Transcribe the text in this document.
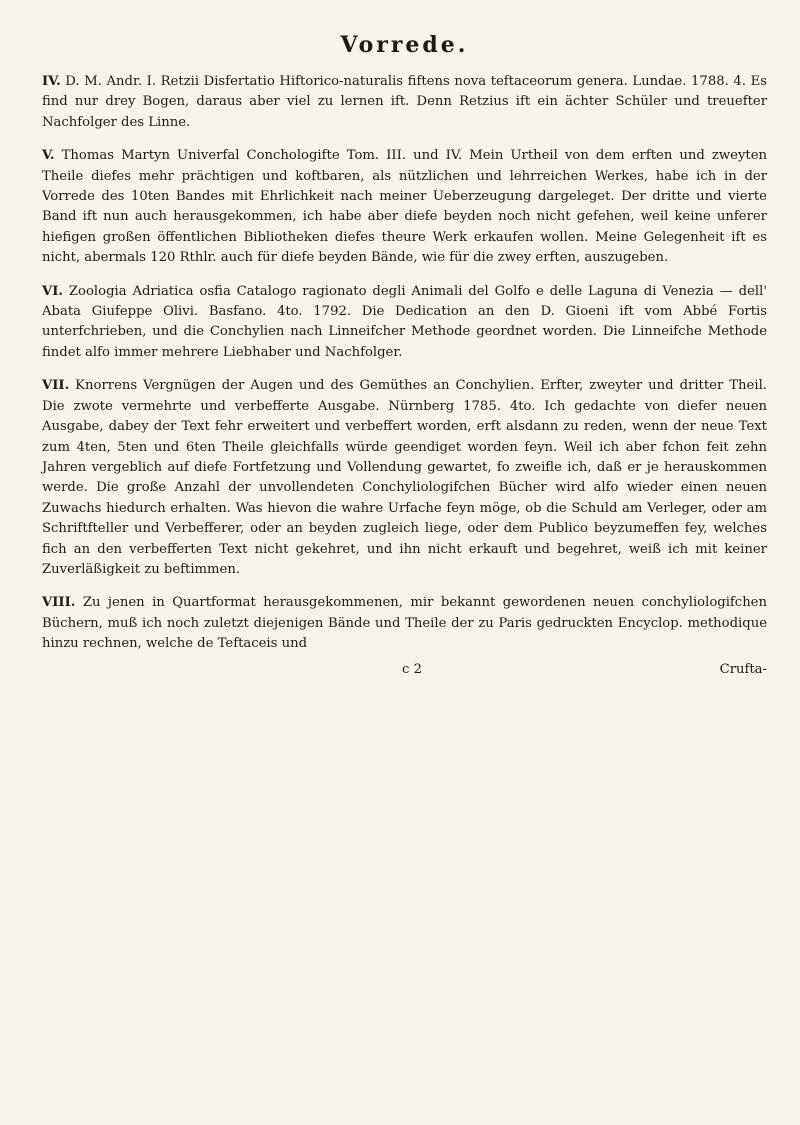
Vorrede.

IV. D. M. Andr. I. Retzii Disfertatio Hiftorico-naturalis fiftens nova teftaceorum genera. Lundae. 1788. 4. Es find nur drey Bogen, daraus aber viel zu lernen ift. Denn Retzius ift ein ächter Schüler und treuefter Nachfolger des Linne.

V. Thomas Martyn Univerfal Conchologifte Tom. III. und IV. Mein Urtheil von dem erften und zweyten Theile diefes mehr prächtigen und koftbaren, als nützlichen und lehrreichen Werkes, habe ich in der Vorrede des 10ten Bandes mit Ehrlichkeit nach meiner Ueberzeugung dargeleget. Der dritte und vierte Band ift nun auch herausgekommen, ich habe aber diefe beyden noch nicht gefehen, weil keine unferer hiefigen großen öffentlichen Bibliotheken diefes theure Werk erkaufen wollen. Meine Gelegenheit ift es nicht, abermals 120 Rthlr. auch für diefe beyden Bände, wie für die zwey erften, auszugeben.

VI. Zoologia Adriatica osfia Catalogo ragionato degli Animali del Golfo e delle Laguna di Venezia — dell' Abata Giufeppe Olivi. Basfano. 4to. 1792. Die Dedication an den D. Gioeni ift vom Abbé Fortis unterfchrieben, und die Conchylien nach Linneifcher Methode geordnet worden. Die Linneifche Methode findet alfo immer mehrere Liebhaber und Nachfolger.

VII. Knorrens Vergnügen der Augen und des Gemüthes an Conchylien. Erfter, zweyter und dritter Theil. Die zwote vermehrte und verbefferte Ausgabe. Nürnberg 1785. 4to. Ich gedachte von diefer neuen Ausgabe, dabey der Text fehr erweitert und verbeffert worden, erft alsdann zu reden, wenn der neue Text zum 4ten, 5ten und 6ten Theile gleichfalls würde geendiget worden feyn. Weil ich aber fchon feit zehn Jahren vergeblich auf diefe Fortfetzung und Vollendung gewartet, fo zweifle ich, daß er je herauskommen werde. Die große Anzahl der unvollendeten Conchyliologifchen Bücher wird alfo wieder einen neuen Zuwachs hiedurch erhalten. Was hievon die wahre Urfache feyn möge, ob die Schuld am Verleger, oder am Schriftfteller und Verbefferer, oder an beyden zugleich liege, oder dem Publico beyzumeffen fey, welches fich an den verbefferten Text nicht gekehret, und ihn nicht erkauft und begehret, weiß ich mit keiner Zuverläßigkeit zu beftimmen.

VIII. Zu jenen in Quartformat herausgekommenen, mir bekannt gewordenen neuen conchyliologifchen Büchern, muß ich noch zuletzt diejenigen Bände und Theile der zu Paris gedruckten Encyclop. methodique hinzu rechnen, welche de Teftaceis und

c 2	Crufta-
